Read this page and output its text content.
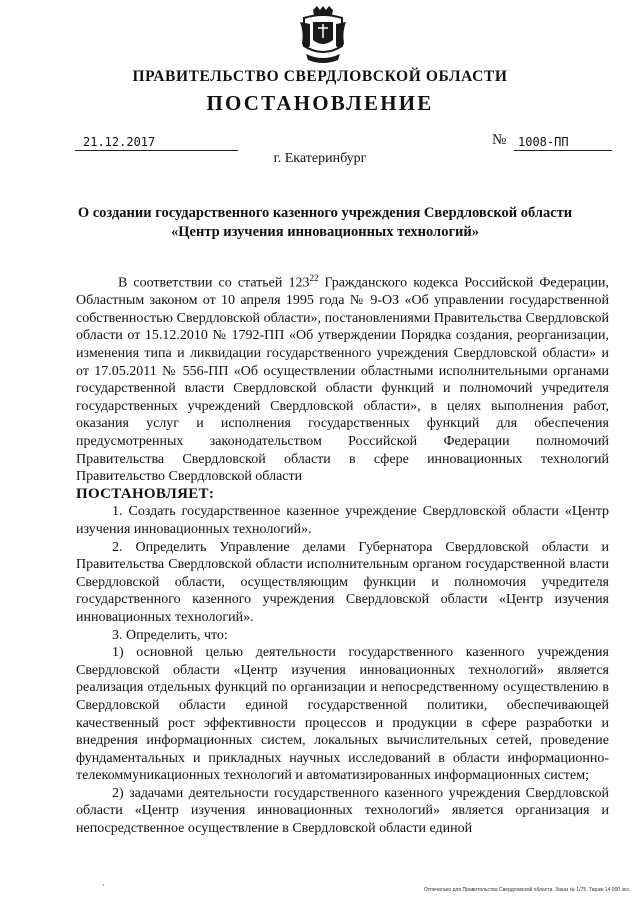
ПРАВИТЕЛЬСТВО СВЕРДЛОВСКОЙ ОБЛАСТИ
ПОСТАНОВЛЕНИЕ
21.12.2017	№ 1008-ПП
г. Екатеринбург
О создании государственного казенного учреждения Свердловской области
«Центр изучения инновационных технологий»

В соответствии со статьей $123^{22}$ Гражданского кодекса Российской Федерации, Областным законом от 10 апреля 1995 года № 9-ОЗ «Об управлении государственной собственностью Свердловской области», постановлениями Правительства Свердловской области от 15.12.2010 № 1792-ПП «Об утверждении Порядка создания, реорганизации, изменения типа и ликвидации государственного учреждения Свердловской области» и от 17.05.2011 № 556-ПП «Об осуществлении областными исполнительными органами государственной власти Свердловской области функций и полномочий учредителя государственных учреждений Свердловской области», в целях выполнения работ, оказания услуг и исполнения государственных функций для обеспечения предусмотренных законодательством Российской Федерации полномочий Правительства Свердловской области в сфере инновационных технологий Правительство Свердловской области

ПОСТАНОВЛЯЕТ:

1. Создать государственное казенное учреждение Свердловской области «Центр изучения инновационных технологий».

2. Определить Управление делами Губернатора Свердловской области и Правительства Свердловской области исполнительным органом государственной власти Свердловской области, осуществляющим функции и полномочия учредителя государственного казенного учреждения Свердловской области «Центр изучения инновационных технологий».

3. Определить, что:

1) основной целью деятельности государственного казенного учреждения Свердловской области «Центр изучения инновационных технологий» является реализация отдельных функций по организации и непосредственному осуществлению в Свердловской области единой государственной политики, обеспечивающей качественный рост эффективности процессов и продукции в сфере разработки и внедрения информационных систем, локальных вычислительных сетей, проведение фундаментальных и прикладных научных исследований в области информационно-телекоммуникационных технологий и автоматизированных информационных систем;

2) задачами деятельности государственного казенного учреждения Свердловской области «Центр изучения инновационных технологий» является организация и непосредственное осуществление в Свердловской области единой

·	Отпечатано для Правительства Свердловской области. Заказ № 1/75. Тираж 14 000 экз.
